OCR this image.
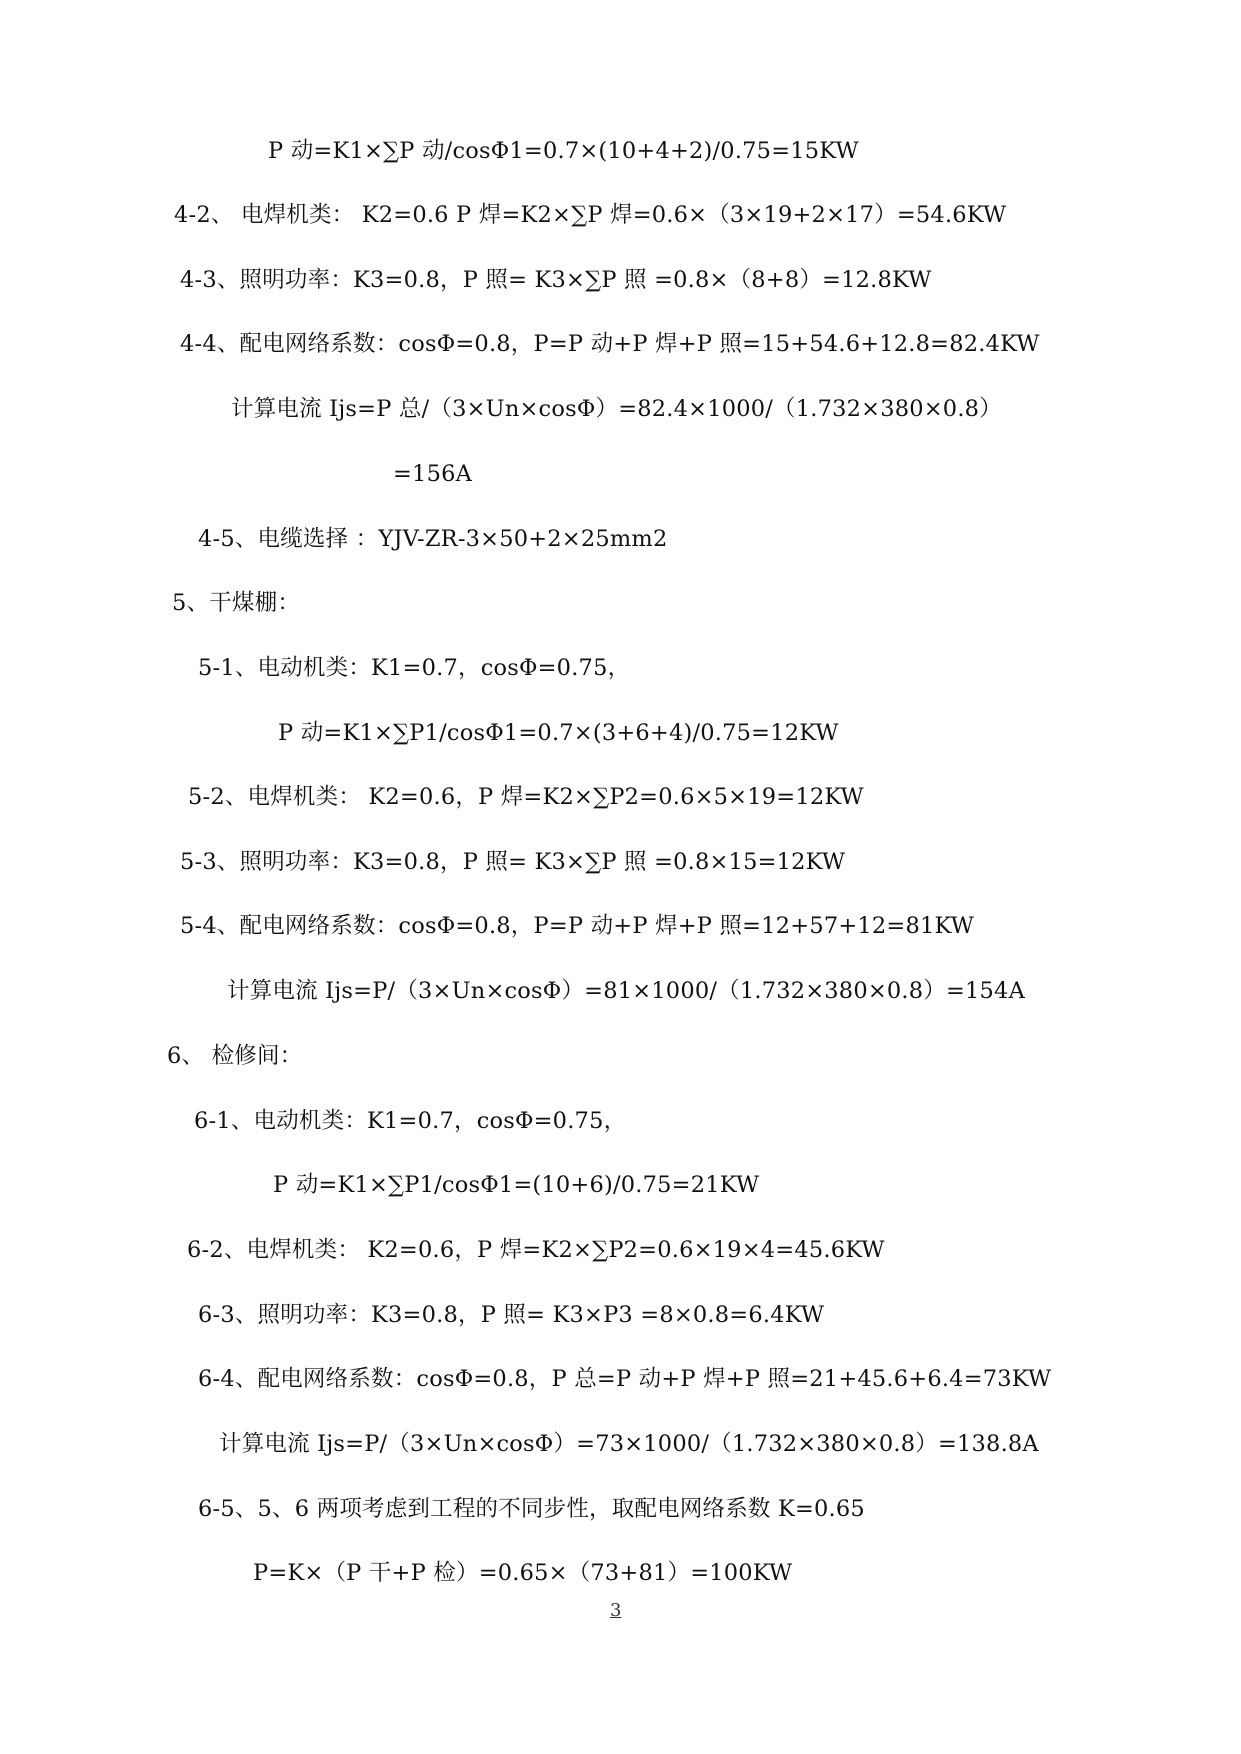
P 动=K1×∑P 动/cosΦ1=0.7×(10+4+2)/0.75=15KW
4-2、 电焊机类： K2=0.6 P 焊=K2×∑P 焊=0.6×（3×19+2×17）=54.6KW
4-3、照明功率：K3=0.8，P 照= K3×∑P 照 =0.8×（8+8）=12.8KW
4-4、配电网络系数：cosΦ=0.8，P=P 动+P 焊+P 照=15+54.6+12.8=82.4KW
计算电流 Ijs=P 总/（3×Un×cosΦ）=82.4×1000/（1.732×380×0.8）
=156A
4-5、电缆选择 ：YJV-ZR-3×50+2×25mm2
5、干煤棚：
5-1、电动机类：K1=0.7，cosΦ=0.75，
P 动=K1×∑P1/cosΦ1=0.7×(3+6+4)/0.75=12KW
5-2、电焊机类： K2=0.6，P 焊=K2×∑P2=0.6×5×19=12KW
5-3、照明功率：K3=0.8，P 照= K3×∑P 照 =0.8×15=12KW
5-4、配电网络系数：cosΦ=0.8，P=P 动+P 焊+P 照=12+57+12=81KW
计算电流 Ijs=P/（3×Un×cosΦ）=81×1000/（1.732×380×0.8）=154A
6、 检修间：
6-1、电动机类：K1=0.7，cosΦ=0.75，
P 动=K1×∑P1/cosΦ1=(10+6)/0.75=21KW
6-2、电焊机类： K2=0.6，P 焊=K2×∑P2=0.6×19×4=45.6KW
6-3、照明功率：K3=0.8，P 照= K3×P3 =8×0.8=6.4KW
6-4、配电网络系数：cosΦ=0.8，P 总=P 动+P 焊+P 照=21+45.6+6.4=73KW
计算电流 Ijs=P/（3×Un×cosΦ）=73×1000/（1.732×380×0.8）=138.8A
6-5、5、6 两项考虑到工程的不同步性，取配电网络系数 K=0.65
P=K×（P 干+P 检）=0.65×（73+81）=100KW
3
